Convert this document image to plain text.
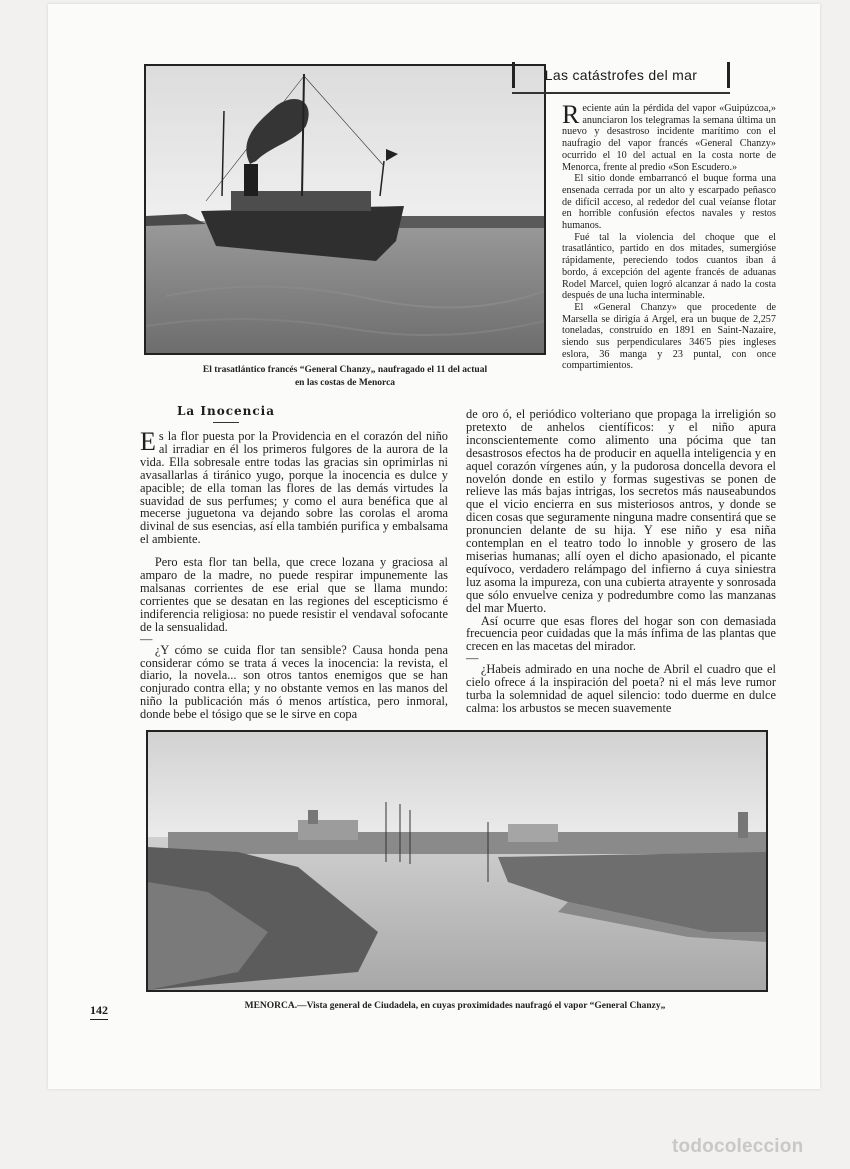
El trasatlántico francés “General Chanzy„ naufragado el 11 del actual
en las costas de Menorca
Las catástrofes del mar

Reciente aún la pérdida del vapor «Guipúzcoa,» anunciaron los telegramas la semana última un nuevo y desastroso incidente marítimo con el naufragio del vapor francés «General Chanzy» ocurrido el 10 del actual en la costa norte de Menorca, frente al predio «Son Escudero.»

El sitio donde embarrancó el buque forma una ensenada cerrada por un alto y escarpado peñasco de difícil acceso, al rededor del cual veíanse flotar en horrible confusión efectos navales y restos humanos.

Fué tal la violencia del choque que el trasatlántico, partido en dos mitades, sumergióse rápidamente, pereciendo todos cuantos iban á bordo, á excepción del agente francés de aduanas Rodel Marcel, quien logró alcanzar á nado la costa después de una lucha interminable.

El «General Chanzy» que procedente de Marsella se dirigía á Argel, era un buque de 2,257 toneladas, construído en 1891 en Saint-Nazaire, siendo sus perpendiculares 346'5 pies ingleses eslora, 36 manga y 23 puntal, con once compartimientos.

La Inocencia

Es la flor puesta por la Providencia en el corazón del niño al irradiar en él los primeros fulgores de la aurora de la vida. Ella sobresale entre todas las gracias sin oprimirlas ni avasallarlas á tiránico yugo, porque la inocencia es dulce y apacible; de ella toman las flores de las demás virtudes la suavidad de sus perfumes; y como el aura benéfica que al mecerse juguetona va dejando sobre las corolas el aroma divinal de sus esencias, así ella también purifica y embalsama el ambiente.

Pero esta flor tan bella, que crece lozana y graciosa al amparo de la madre, no puede respirar impunemente las malsanas corrientes de ese erial que se llama mundo: corrientes que se desatan en las regiones del escepticismo é indiferencia religiosa: no puede resistir el vendaval sofocante de la sensualidad.

—

¿Y cómo se cuida flor tan sensible? Causa honda pena considerar cómo se trata á veces la inocencia: la revista, el diario, la novela... son otros tantos enemigos que se han conjurado contra ella; y no obstante vemos en las manos del niño la publicación más ó menos artística, pero inmoral, donde bebe el tósigo que se le sirve en copa

de oro ó, el periódico volteriano que propaga la irreligión so pretexto de anhelos científicos: y el niño apura inconscientemente como alimento una pócima que tan desastrosos efectos ha de producir en aquella inteligencia y en aquel corazón vírgenes aún, y la pudorosa doncella devora el novelón donde en estilo y formas sugestivas se ponen de relieve las más bajas intrigas, los secretos más nauseabundos que el vicio encierra en sus misteriosos antros, y donde se dicen cosas que seguramente ninguna madre consentirá que se pronuncien delante de su hija. Y ese niño y esa niña contemplan en el teatro todo lo innoble y grosero de las miserias humanas; allí oyen el dicho apasionado, el picante equívoco, verdadero relámpago del infierno á cuya siniestra luz asoma la impureza, con una cubierta atrayente y sonrosada que sólo envuelve ceniza y podredumbre como las manzanas del mar Muerto.

Así ocurre que esas flores del hogar son con demasiada frecuencia peor cuidadas que la más ínfima de las plantas que crecen en las macetas del mirador.

—

¿Habeis admirado en una noche de Abril el cuadro que el cielo ofrece á la inspiración del poeta? ni el más leve rumor turba la solemnidad de aquel silencio: todo duerme en dulce calma: los arbustos se mecen suavemente

MENORCA.—Vista general de Ciudadela, en cuyas proximidades naufragó el vapor “General Chanzy„
142
todocoleccion
